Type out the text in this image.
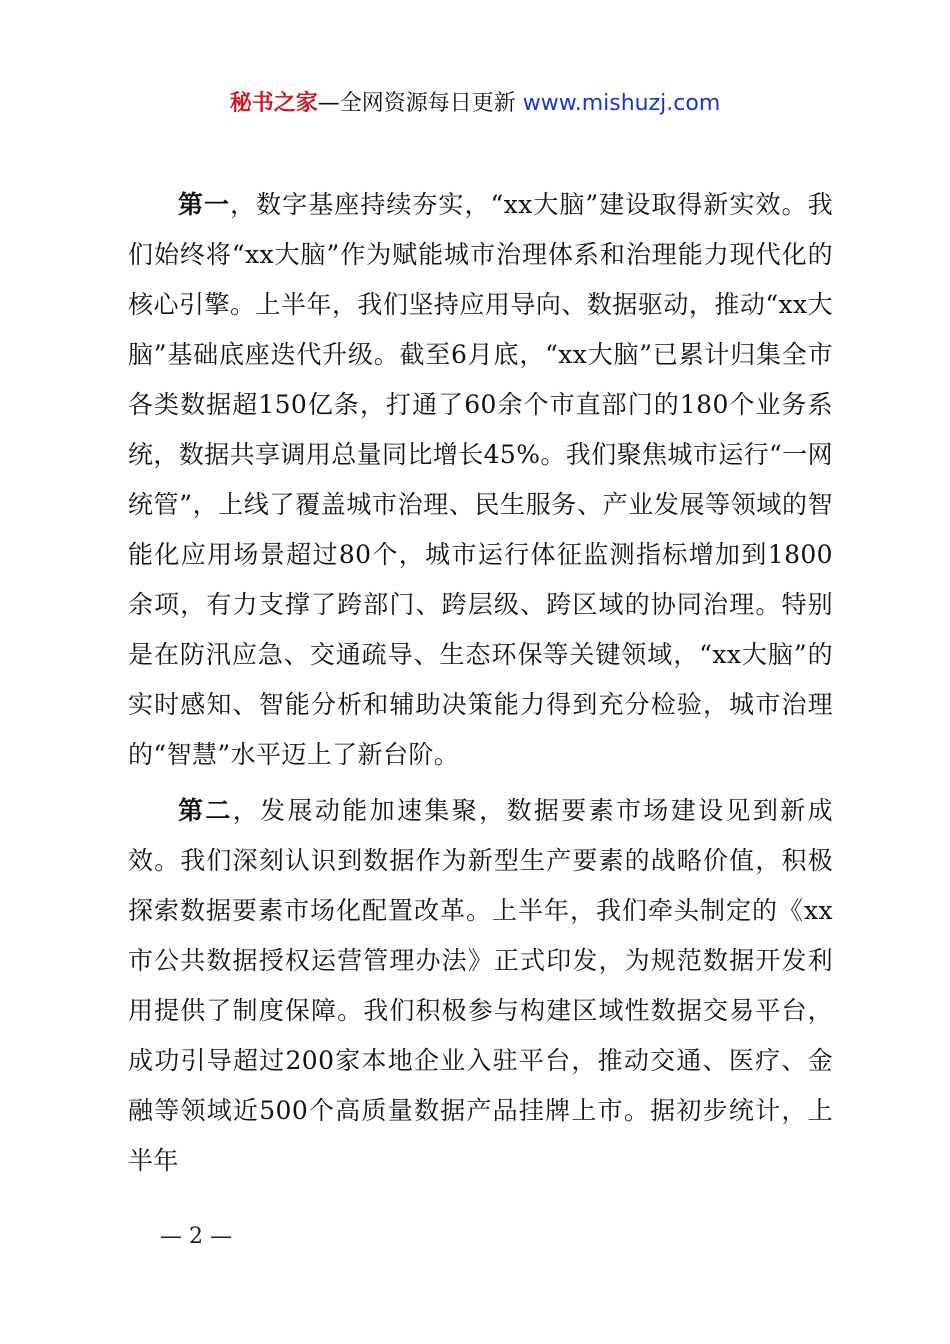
秘书之家—全网资源每日更新 www.mishuzj.com

第一，数字基座持续夯实，“xx大脑”建设取得新实效。我们始终将“xx大脑”作为赋能城市治理体系和治理能力现代化的核心引擎。上半年，我们坚持应用导向、数据驱动，推动“xx大脑”基础底座迭代升级。截至6月底，“xx大脑”已累计归集全市各类数据超150亿条，打通了60余个市直部门的180个业务系统，数据共享调用总量同比增长45%。我们聚焦城市运行“一网统管”，上线了覆盖城市治理、民生服务、产业发展等领域的智能化应用场景超过80个，城市运行体征监测指标增加到1800余项，有力支撑了跨部门、跨层级、跨区域的协同治理。特别是在防汛应急、交通疏导、生态环保等关键领域，“xx大脑”的实时感知、智能分析和辅助决策能力得到充分检验，城市治理的“智慧”水平迈上了新台阶。

第二，发展动能加速集聚，数据要素市场建设见到新成效。我们深刻认识到数据作为新型生产要素的战略价值，积极探索数据要素市场化配置改革。上半年，我们牵头制定的《xx市公共数据授权运营管理办法》正式印发，为规范数据开发利用提供了制度保障。我们积极参与构建区域性数据交易平台，成功引导超过200家本地企业入驻平台，推动交通、医疗、金融等领域近500个高质量数据产品挂牌上市。据初步统计，上半年

— 2 —
